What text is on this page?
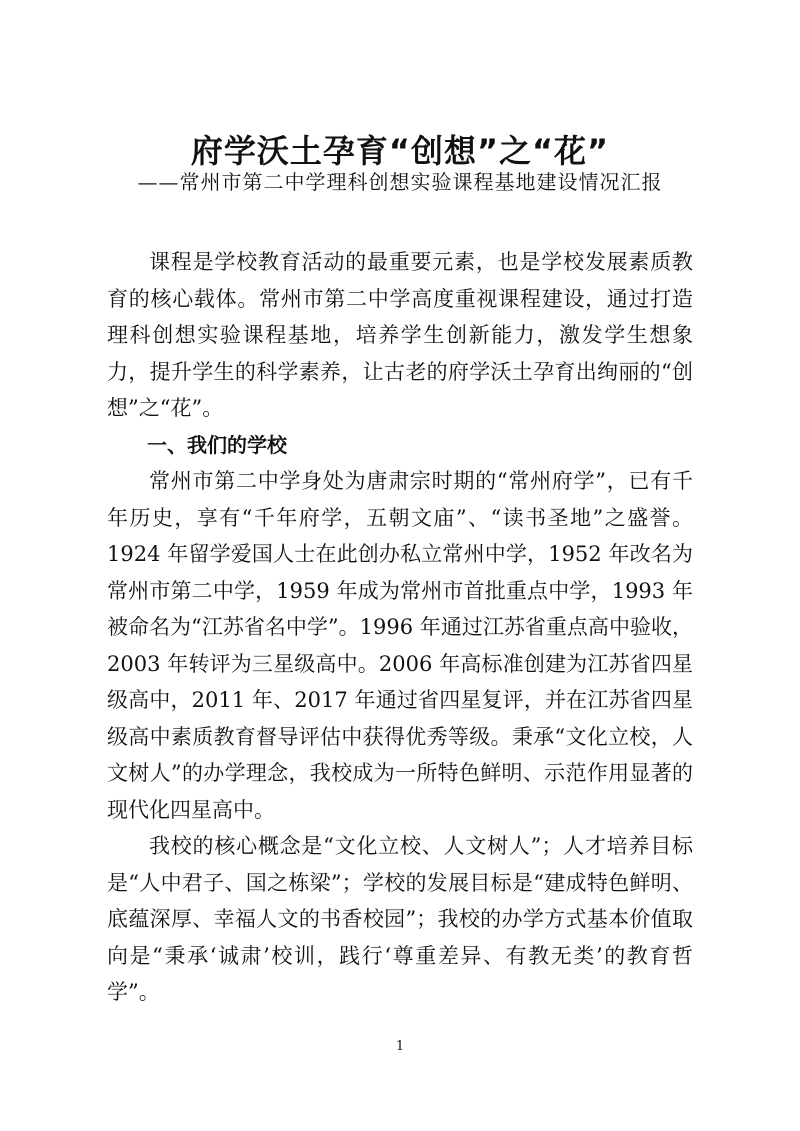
府学沃土孕育“创想”之“花”
——常州市第二中学理科创想实验课程基地建设情况汇报

课程是学校教育活动的最重要元素，也是学校发展素质教育的核心载体。常州市第二中学高度重视课程建设，通过打造理科创想实验课程基地，培养学生创新能力，激发学生想象力，提升学生的科学素养，让古老的府学沃土孕育出绚丽的“创想”之“花”。

一、我们的学校

常州市第二中学身处为唐肃宗时期的“常州府学”，已有千年历史，享有“千年府学，五朝文庙”、“读书圣地”之盛誉。1924 年留学爱国人士在此创办私立常州中学，1952 年改名为常州市第二中学，1959 年成为常州市首批重点中学，1993 年被命名为“江苏省名中学”。1996 年通过江苏省重点高中验收，2003 年转评为三星级高中。2006 年高标准创建为江苏省四星级高中，2011 年、2017 年通过省四星复评，并在江苏省四星级高中素质教育督导评估中获得优秀等级。秉承“文化立校，人文树人”的办学理念，我校成为一所特色鲜明、示范作用显著的现代化四星高中。

我校的核心概念是“文化立校、人文树人”；人才培养目标是“人中君子、国之栋梁”；学校的发展目标是“建成特色鲜明、底蕴深厚、幸福人文的书香校园”；我校的办学方式基本价值取向是“秉承‘诚肃’校训，践行‘尊重差异、有教无类’的教育哲学”。

1
